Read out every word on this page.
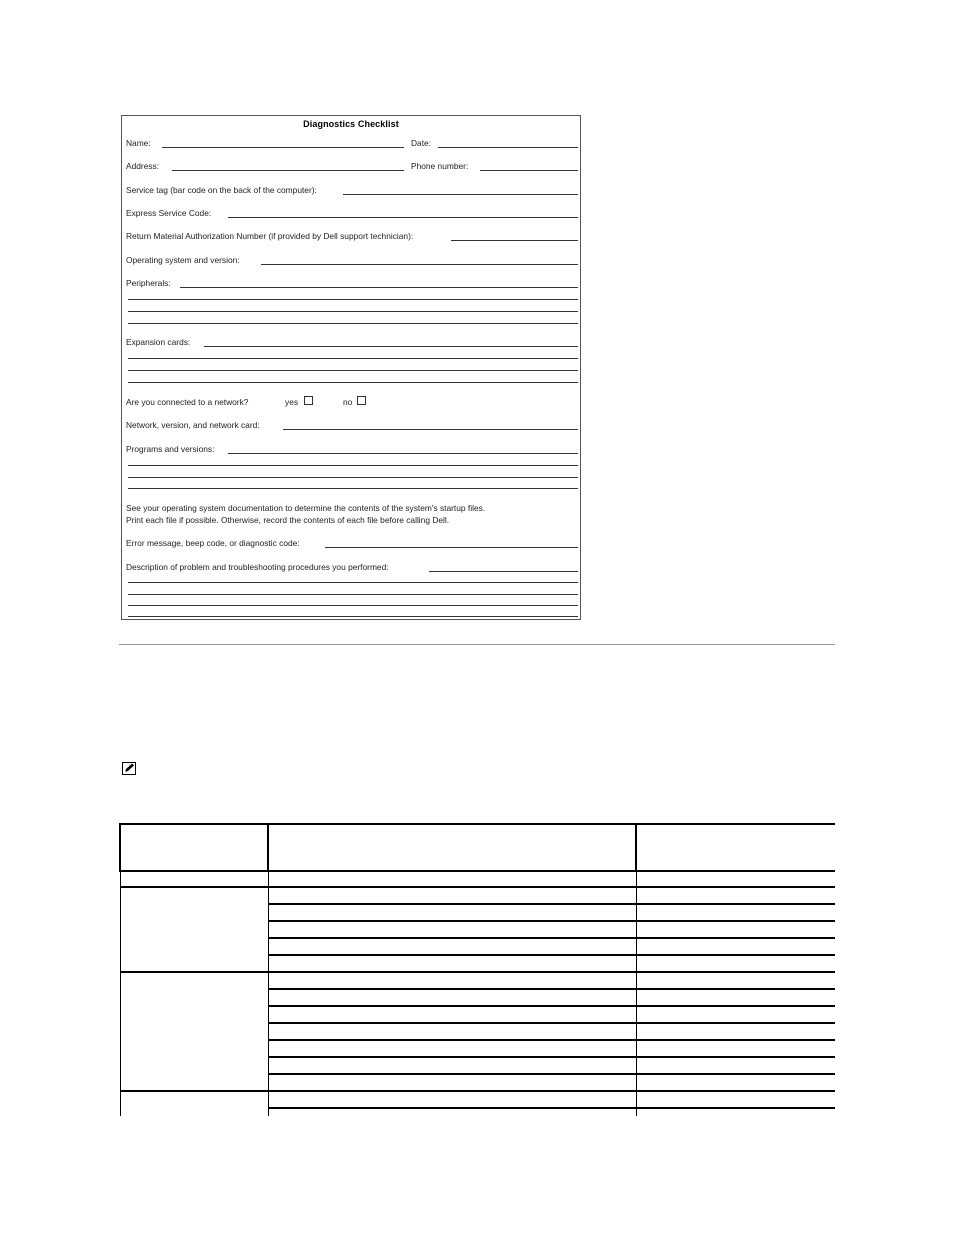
Diagnostics Checklist
Name:	Date:
Address:	Phone number:
Service tag (bar code on the back of the computer):
Express Service Code:
Return Material Authorization Number (if provided by Dell support technician):
Operating system and version:
Peripherals:
Expansion cards:
Are you connected to a network?	yes	no
Network, version, and network card:
Programs and versions:
See your operating system documentation to determine the contents of the system's startup files.
Print each file if possible. Otherwise, record the contents of each file before calling Dell.
Error message, beep code, or diagnostic code:
Description of problem and troubleshooting procedures you performed:
